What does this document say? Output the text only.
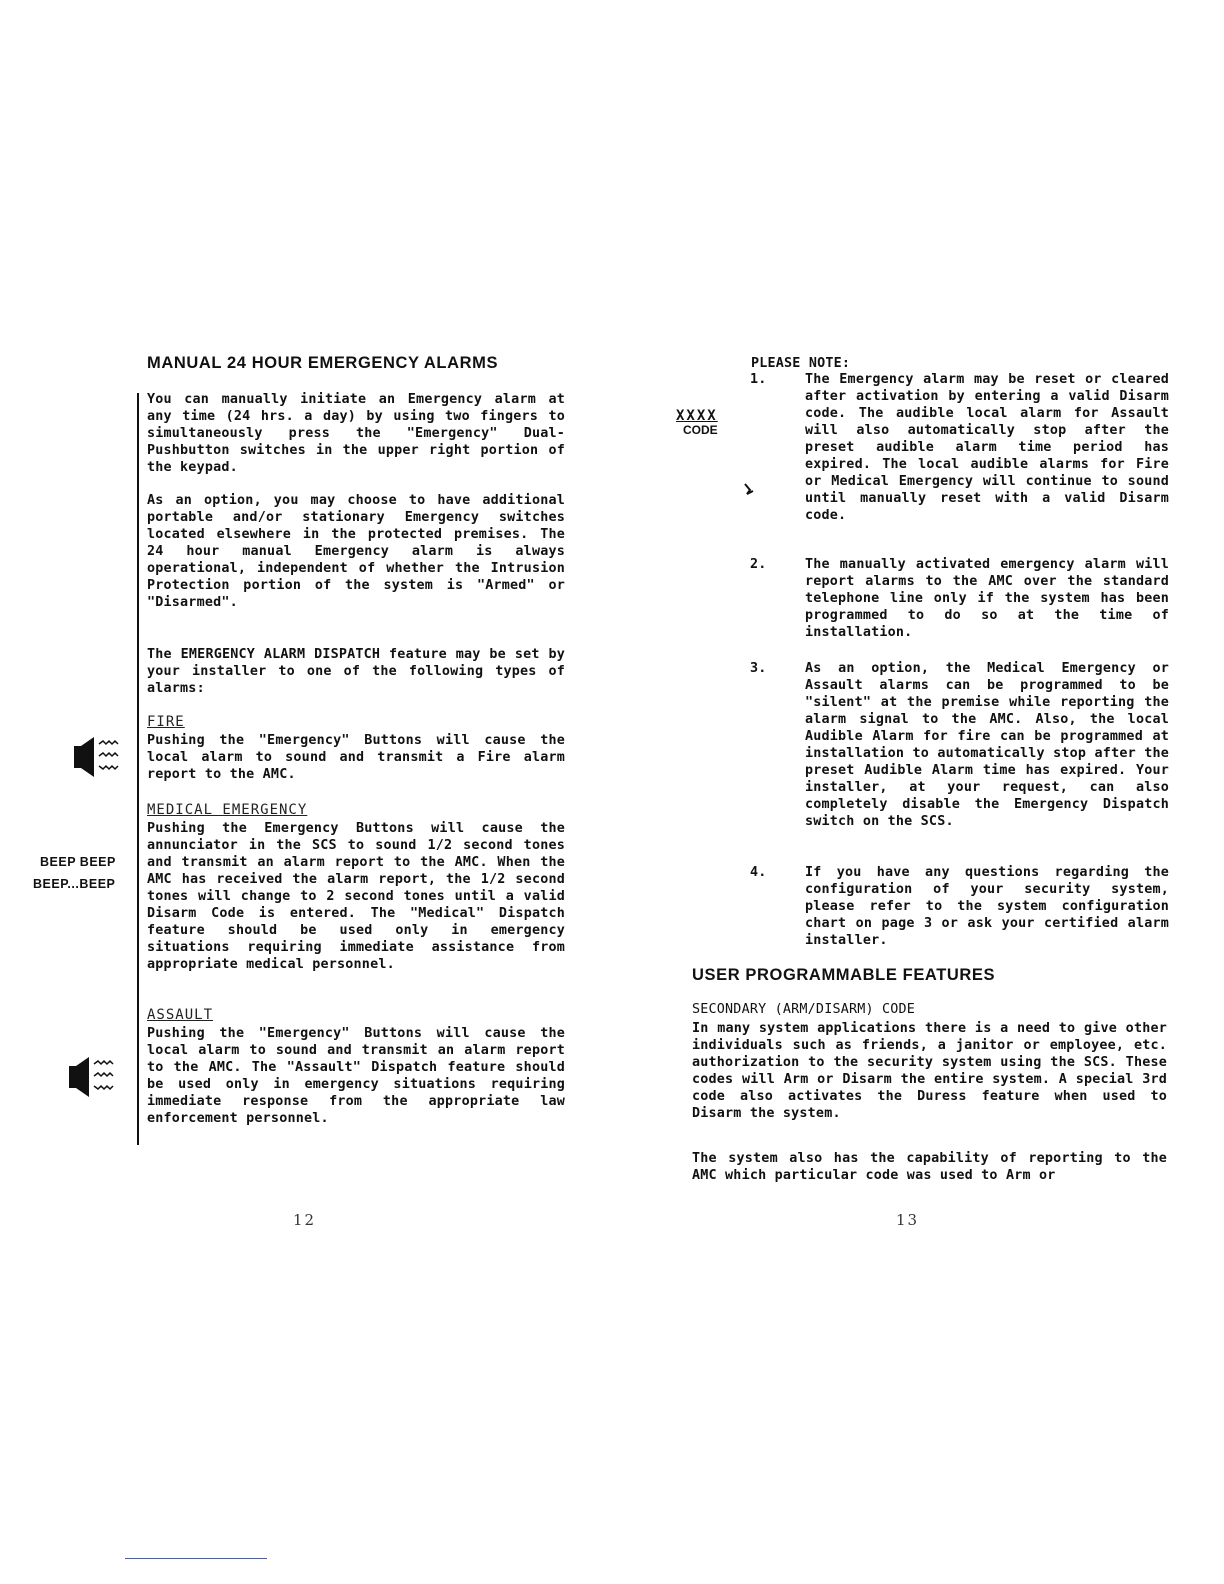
MANUAL 24 HOUR EMERGENCY ALARMS
You can manually initiate an Emergency alarm at any time (24 hrs. a day) by using two fingers to simultaneously press the "Emergency" Dual-Pushbutton switches in the upper right portion of the keypad.
As an option, you may choose to have additional portable and/or stationary Emergency switches located elsewhere in the protected premises. The 24 hour manual Emergency alarm is always operational, independent of whether the Intrusion Protection portion of the system is "Armed" or "Disarmed".
The EMERGENCY ALARM DISPATCH feature may be set by your installer to one of the following types of alarms:
FIRE
Pushing the "Emergency" Buttons will cause the local alarm to sound and transmit a Fire alarm report to the AMC.
MEDICAL EMERGENCY
Pushing the Emergency Buttons will cause the annunciator in the SCS to sound 1/2 second tones and transmit an alarm report to the AMC. When the AMC has received the alarm report, the 1/2 second tones will change to 2 second tones until a valid Disarm Code is entered. The "Medical" Dispatch feature should be used only in emergency situations requiring immediate assistance from appropriate medical personnel.
ASSAULT
Pushing the "Emergency" Buttons will cause the local alarm to sound and transmit an alarm report to the AMC. The "Assault" Dispatch feature should be used only in emergency situations requiring immediate response from the appropriate law enforcement personnel.
BEEP BEEP
BEEP...BEEP
12
PLEASE NOTE:
XXXX
CODE
1.	The Emergency alarm may be reset or cleared after activation by entering a valid Disarm code. The audible local alarm for Assault will also automatically stop after the preset audible alarm time period has expired. The local audible alarms for Fire or Medical Emergency will continue to sound until manually reset with a valid Disarm code.
2.	The manually activated emergency alarm will report alarms to the AMC over the standard telephone line only if the system has been programmed to do so at the time of installation.
3.	As an option, the Medical Emergency or Assault alarms can be programmed to be "silent" at the premise while reporting the alarm signal to the AMC. Also, the local Audible Alarm for fire can be programmed at installation to automatically stop after the preset Audible Alarm time has expired. Your installer, at your request, can also completely disable the Emergency Dispatch switch on the SCS.
4.	If you have any questions regarding the configuration of your security system, please refer to the system configuration chart on page 3 or ask your certified alarm installer.
USER PROGRAMMABLE FEATURES
SECONDARY (ARM/DISARM) CODE
In many system applications there is a need to give other individuals such as friends, a janitor or employee, etc. authorization to the security system using the SCS. These codes will Arm or Disarm the entire system. A special 3rd code also activates the Duress feature when used to Disarm the system.
The system also has the capability of reporting to the AMC which particular code was used to Arm or
13
